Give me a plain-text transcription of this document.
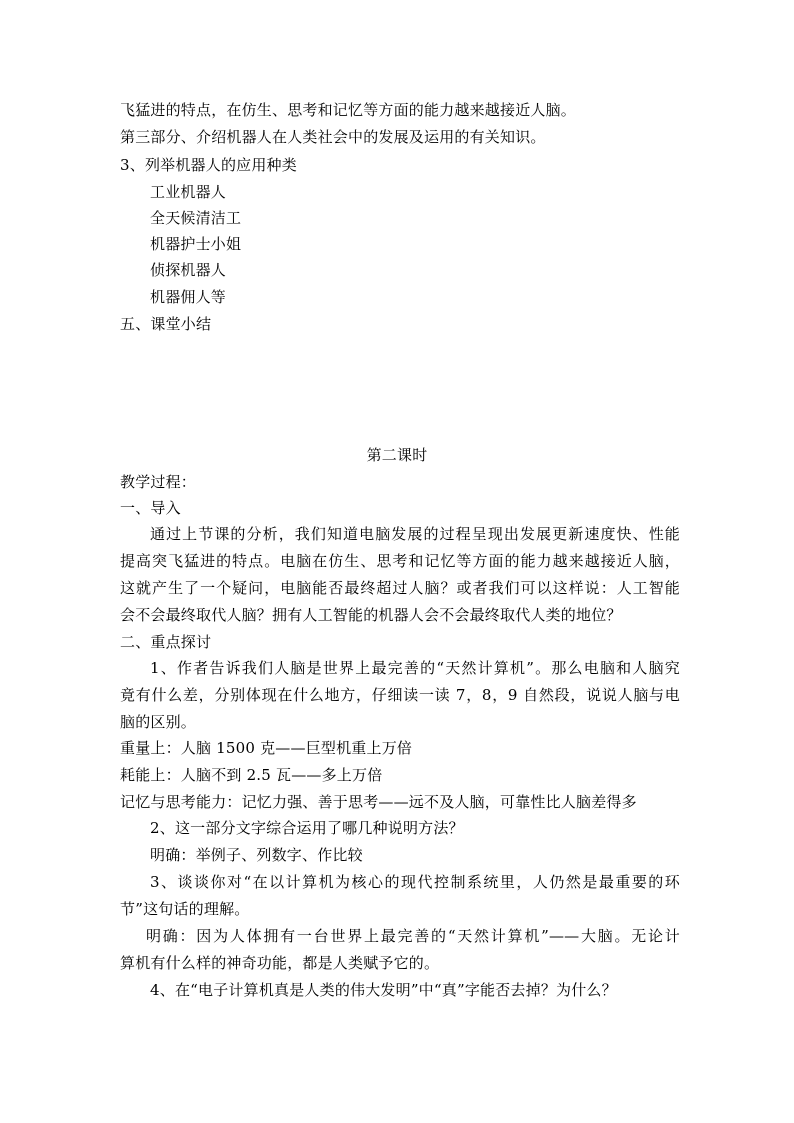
飞猛进的特点，在仿生、思考和记忆等方面的能力越来越接近人脑。
第三部分、介绍机器人在人类社会中的发展及运用的有关知识。
3、列举机器人的应用种类
工业机器人
全天候清洁工
机器护士小姐
侦探机器人
机器佣人等
五、课堂小结
第二课时
教学过程：
一、导入
通过上节课的分析，我们知道电脑发展的过程呈现出发展更新速度快、性能
提高突飞猛进的特点。电脑在仿生、思考和记忆等方面的能力越来越接近人脑，
这就产生了一个疑问，电脑能否最终超过人脑？或者我们可以这样说：人工智能
会不会最终取代人脑？拥有人工智能的机器人会不会最终取代人类的地位？
二、重点探讨
1、作者告诉我们人脑是世界上最完善的“天然计算机”。那么电脑和人脑究
竟有什么差，分别体现在什么地方，仔细读一读 7，8，9 自然段，说说人脑与电
脑的区别。
重量上：人脑 1500 克——巨型机重上万倍
耗能上：人脑不到 2.5 瓦——多上万倍
记忆与思考能力：记忆力强、善于思考——远不及人脑，可靠性比人脑差得多
2、这一部分文字综合运用了哪几种说明方法？
明确：举例子、列数字、作比较
3、谈谈你对“在以计算机为核心的现代控制系统里，人仍然是最重要的环
节”这句话的理解。
明确：因为人体拥有一台世界上最完善的“天然计算机”——大脑。无论计
算机有什么样的神奇功能，都是人类赋予它的。
4、在“电子计算机真是人类的伟大发明”中“真”字能否去掉？为什么？
